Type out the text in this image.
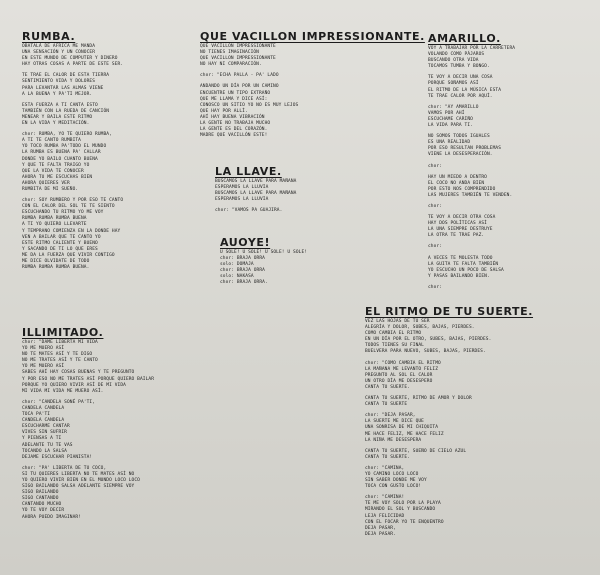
RUMBA.
OBATALÁ DE AFRICA ME MANDA
UNA SENSACIÓN Y UN CONOCER
EN ESTE MUNDO DE COMPUTER Y DINERO
HAY OTRAS COSAS A PARTE DE ESTE SER.
TE TRAE EL CALOR DE ESTA TIERRA
SENTIMIENTO VIDA Y DOLORES
PARA LEVANTAR LAS ALMAS VIENE
A LA BUENA Y PA'TI MEJOR.
ESTA FUERZA A TI CANTA ESTO
TAMBIÉN CON LA RUEDA DE CANCIÓN
MENEAR Y BAILA ESTE RITMO
EN LA VIDA Y MEDITACIÓN.
chor: RUMBA, YO TE QUIERO RUMBA,
A TI TE CANTO RUMBITA
YO TOCO RUMBA PA'TODO EL MUNDO
LA RUMBA ES BUENA PA' CALLAR
DONDE YO BAILO CUANTO BUENA
Y QUE TE FALTA TRAIGO YO
QUE LA VIDA TE CONOCER
AHORA TU ME ESCUCHAS BIEN
AHORA QUIERES VER
RUMBITA DE MI SUEÑO.
chor: SOY RUMBERO Y POR ESO TE CANTO
CON EL CALOR DEL SOL TE TE SIENTO
ESCUCHANDO TU RITMO YO ME VOY
RUMBA RUMBA RUMBA BUENA
A TI YO QUIERO LLEVARTE
Y TEMPRANO COMIENZA EN LA DONDE HAY
VEN A BAILAR QUE TE CANTO YO
ESTE RITMO CALIENTE Y BUENO
Y SACANDO DE TI LO QUE ERES
ME DA LA FUERZA QUE VIVIR CONTIGO
ME DICE OLVIDATE DE TODO
RUMBA RUMBA RUMBA BUENA.
QUE VACILLON IMPRESSIONANTE.
QUE VACILLON IMPRESSIONANTE
NO TIENES IMAGINACIÓN
QUE VACILLON IMPRESSIONANTE
NO HAY NI COMPARACIÓN.
chor: "ECHA PALLA - PA' LADO
ANDANDO UN DÍA POR UN CAMINO
ENCUENTRE UN TIPO EXTRAÑO
QUE ME LLAMA Y DICE ASÍ:
CONOSCO UN SITIO YO NO ES MUY LEJOS
QUE HAY POR ALLÍ.
AHÍ HAY BUENA VIBRACIÓN
LA GENTE NO TRABAJA MUCHO
LA GENTE ES DEL CORAZÓN.
MADRE QUE VACILLÓN ESTE!
LA LLAVE.
BUSCAMOS LA LLAVE PARA MAÑANA
ESPERAMOS LA LLUVIA
BUSCAMOS LA LLAVE PARA MAÑANA
ESPERAMOS LA LLUVIA
chor: "VAMOS PA GUAJIRA.
AUOYE!
U SOLE! U SOLE! U SOLE! U SOLE!
chor: BRAJA ORRA
solo: DOMAJA
chor: BRAJA ORRA
solo: NAKASA
chor: BRAJA ORRA.
AMARILLO.
VOY A TRABAJAR POR LA CARRETERA
VOLANDO COMO PÁJAROS
BUSCANDO OTRA VIDA
TOCAMOS TUMBA Y BONGO.
TE VOY A DECIR UNA COSA
PORQUE SOÑAMOS ASÍ
EL RITMO DE LA MÚSICA ESTA
TE TRAE CALOR POR AQUÍ.
chor: "AY AMARILLO
VAMOS POR AHÍ
ESCUCHAME CARIÑO
LA VIDA PARA TI.
NO SOMOS TODOS IGUALES
ES UNA REALIDAD
POR ESO RESULTAN PROBLEMAS
VIENE LA DESESPERACIÓN.
chor:
HAY UN MIEDO A DENTRO
EL COCO NO ANDA BIEN
POR ESTO NOS COMPRENDIDO
LAS MUJERES TAMBIÉN TE VENDEN.
chor:
TE VOY A DECIR OTRA COSA
HAY DOS POLÍTICAS ASÍ
LA UNA SIEMPRE DESTRUYE
LA OTRA TE TRAE PAZ.
chor:
A VECES TE MOLESTA TODO
LA GUITA TE FALTA TAMBIÉN
YO ESCUCHO UN POCO DE SALSA
Y PASAS BAILANDO BIEN.
chor:
ILLIMITADO.
chor: "DAME LIBERTA MI VIDA
YO ME MUERO ASÍ
NO TE MATES ASÍ Y TE DIGO
NO ME TRATES ASÍ Y TE CANTO
YO ME MUERO ASÍ
SABES AHÍ HAY COSAS BUENAS Y TE PREGUNTO
Y POR ESO NO ME TRATES ASÍ PORQUE QUIERO BAILAR
PORQUE YO QUIERO VIVIR ASÍ DE MI VIDA
MI VIDA MI VIDA ME MUERO ASÍ.
chor: "CANDELA SONÉ PA'TI,
CANDELA CANDELA
TOCA PA'TI
CANDELA CANDELA
ESCUCHARME CANTAR
VIVES SIN SUFRIR
Y PIENSAS A TI
ADELANTE TU TE VAS
TOCANDO LA SALSA
DEJAME ESCUCHAR PIANISTA!
chor: "PA' LIBERTA DE TU COCO,
SI TU QUIERES LIBERTA NO TE MATES ASÍ NO
YO QUIERO VIVIR BIEN EN EL MUNDO LOCO LOCO
SIGO BAILANDO SALSA ADELANTE SIEMPRE VOY
SIGO BAILANDO
SIGO CANTANDO
CANTANDO MUCHO
YO TE VOY DECIR
AHORA PUEDO IMAGINAR!
EL RITMO DE TU SUERTE.
VEZ LAS HOJAS DE TU SER
ALEGRÍA Y DOLOR, SUBES, BAJAS, PIERDES.
COMO CAMBIA EL RITMO
EN UN DÍA POR EL OTRO, SUBES, BAJAS, PIERDES.
TODOS TIENES SU FINAL
BUELVERA PARA NUEVO, SUBES, BAJAS, PIERDES.
chor: "COMO CAMBIA EL RITMO
LA MAÑANA ME LEVANTO FELIZ
PREGUNTO AL SOL EL CALOR
UN OTRO DÍA ME DESESPERO
CANTA TU SUERTE.
CANTA TU SUERTE, RITMO DE AMOR Y DOLOR
CANTA TU SUERTE
chor: "DEJA PASAR,
LA SUERTE ME DICE QUE
UNA SONRISA DE MI CHIQUITA
ME HACE FELIZ, ME HACE FELIZ
LA NIÑA ME DESESPERA
CANTA TU SUERTE, SUEÑO DE CIELO AZUL
CANTA TU SUERTE.
chor: "CAMINA,
YO CAMINO LOCO LOCO
SIN SABER DONDE ME VOY
TOCA CON GUSTO LOCO!
chor: "CAMINA!
TE ME VOY SOLO POR LA PLAYA
MIRANDO EL SOL Y BUSCANDO
LEJA FELICIDAD
CON EL FOCAR YO TE ENQUENTRO
DEJA PASAR,
DEJA PASAR.
